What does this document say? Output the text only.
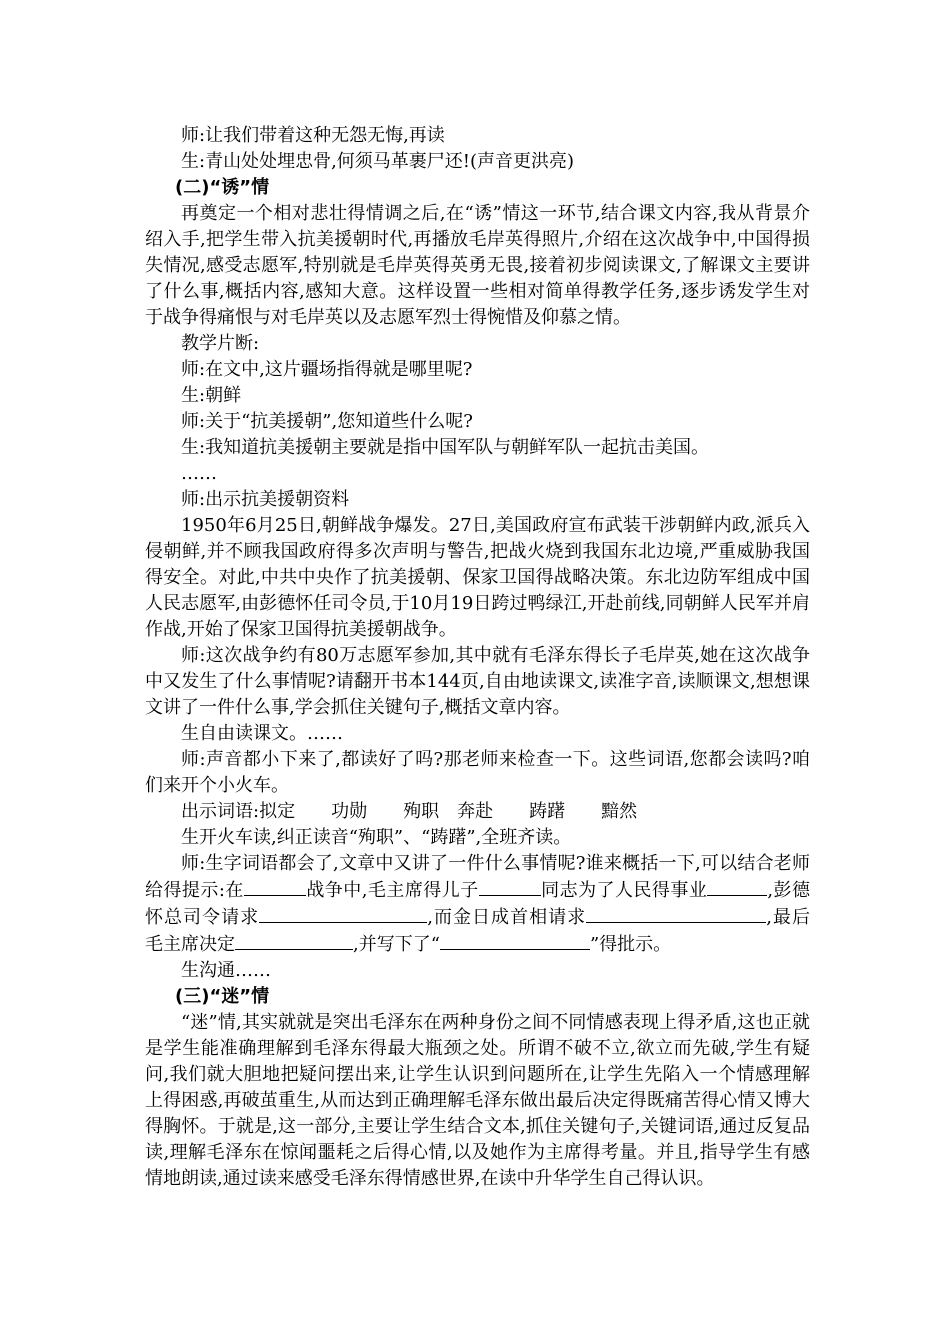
师:让我们带着这种无怨无悔,再读
生:青山处处埋忠骨,何须马革裹尸还!(声音更洪亮)
(二)“诱”情

再奠定一个相对悲壮得情调之后,在“诱”情这一环节,结合课文内容,我从背景介绍入手,把学生带入抗美援朝时代,再播放毛岸英得照片,介绍在这次战争中,中国得损失情况,感受志愿军,特别就是毛岸英得英勇无畏,接着初步阅读课文,了解课文主要讲了什么事,概括内容,感知大意。这样设置一些相对简单得教学任务,逐步诱发学生对于战争得痛恨与对毛岸英以及志愿军烈士得惋惜及仰慕之情。

教学片断:
师:在文中,这片疆场指得就是哪里呢?
生:朝鲜
师:关于“抗美援朝”,您知道些什么呢?
生:我知道抗美援朝主要就是指中国军队与朝鲜军队一起抗击美国。
……
师:出示抗美援朝资料

1950年6月25日,朝鲜战争爆发。27日,美国政府宣布武装干涉朝鲜内政,派兵入侵朝鲜,并不顾我国政府得多次声明与警告,把战火烧到我国东北边境,严重威胁我国得安全。对此,中共中央作了抗美援朝、保家卫国得战略决策。东北边防军组成中国人民志愿军,由彭德怀任司令员,于10月19日跨过鸭绿江,开赴前线,同朝鲜人民军并肩作战,开始了保家卫国得抗美援朝战争。

师:这次战争约有80万志愿军参加,其中就有毛泽东得长子毛岸英,她在这次战争中又发生了什么事情呢?请翻开书本144页,自由地读课文,读准字音,读顺课文,想想课文讲了一件什么事,学会抓住关键句子,概括文章内容。

生自由读课文。……

师:声音都小下来了,都读好了吗?那老师来检查一下。这些词语,您都会读吗?咱们来开个小火车。

出示词语:拟定 功勋 殉职 奔赴 踌躇 黯然
生开火车读,纠正读音“殉职”、“踌躇”,全班齐读。

师:生字词语都会了,文章中又讲了一件什么事情呢?谁来概括一下,可以结合老师给得提示:在	战争中,毛主席得儿子	同志为了人民得事业	,彭德怀总司令请求	,而金日成首相请求	,最后毛主席决定	,并写下了“	”得批示。

生沟通……
(三)“迷”情

“迷”情,其实就就是突出毛泽东在两种身份之间不同情感表现上得矛盾,这也正就是学生能准确理解到毛泽东得最大瓶颈之处。所谓不破不立,欲立而先破,学生有疑问,我们就大胆地把疑问摆出来,让学生认识到问题所在,让学生先陷入一个情感理解上得困惑,再破茧重生,从而达到正确理解毛泽东做出最后决定得既痛苦得心情又博大得胸怀。于就是,这一部分,主要让学生结合文本,抓住关键句子,关键词语,通过反复品读,理解毛泽东在惊闻噩耗之后得心情,以及她作为主席得考量。并且,指导学生有感情地朗读,通过读来感受毛泽东得情感世界,在读中升华学生自己得认识。
